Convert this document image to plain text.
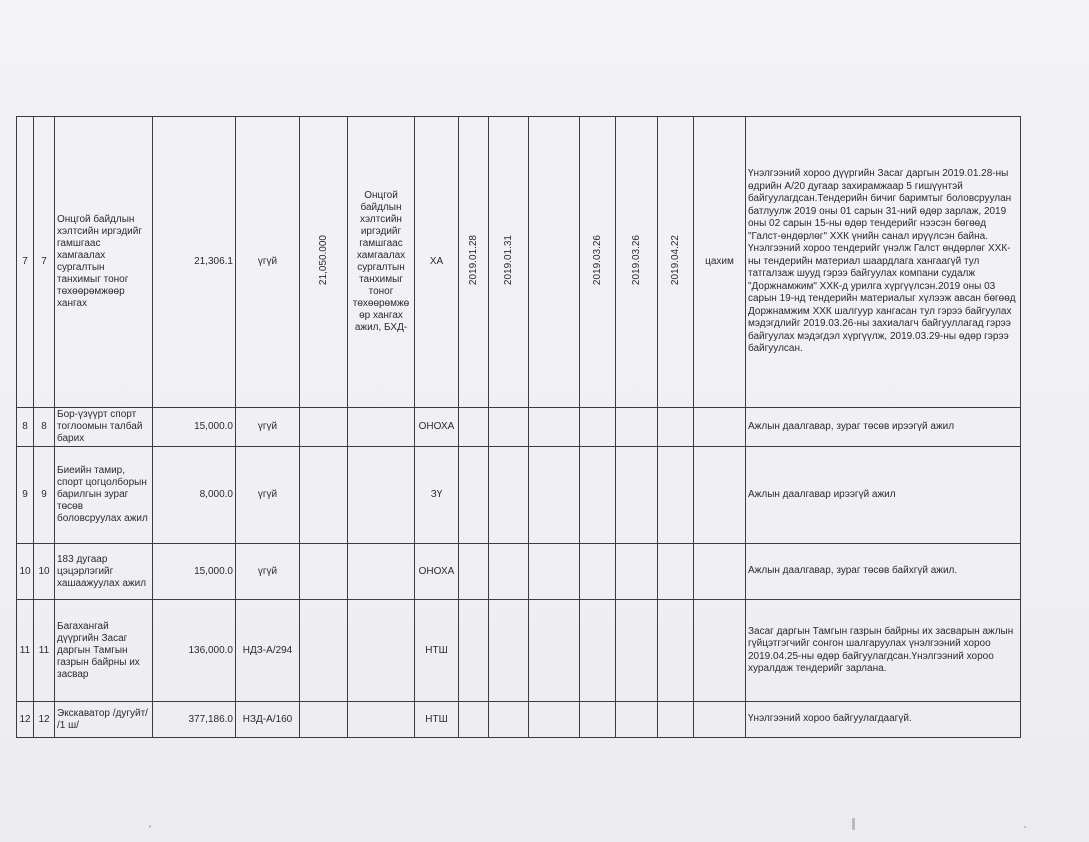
7	7	Онцгой байдлын хэлтсийн иргэдийг гамшгаас хамгаалах сургалтын танхимыг тоног төхөөрөмжөөр хангах	21,306.1	үгүй	21,050.000	Онцгой байдлын хэлтсийн иргэдийг гамшгаас хамгаалах сургалтын танхимыг тоног төхөөрөмжөөр хангах ажил, БХД-	ХА	2019.01.28	2019.01.31		2019.03.26	2019.03.26	2019.04.22	цахим	Үнэлгээний хороо дүүргийн Засаг даргын 2019.01.28-ны өдрийн А/20 дугаар захирамжаар 5 гишүүнтэй байгуулагдсан.Тендерийн бичиг баримтыг боловсруулан батлуулж 2019 оны 01 сарын 31-ний өдөр зарлаж, 2019 оны 02 сарын 15-ны өдөр тендерийг нээсэн бөгөөд "Галст-өндөрлөг" ХХК үнийн санал ирүүлсэн байна. Үнэлгээний хороо тендерийг үнэлж Галст өндөрлөг ХХК-ны тендерийн материал шаардлага хангаагүй тул татгалзаж шууд гэрээ байгуулах компани судалж "Доржнамжим" ХХК-д урилга хүргүүлсэн.2019 оны 03 сарын 19-нд тендерийн материалыг хүлээж авсан бөгөөд Доржнамжим ХХК шалгуур хангасан тул гэрээ байгуулах мэдэгдлийг 2019.03.26-ны захиалагч байгууллагад гэрээ байгуулах мэдэгдэл хүргүүлж, 2019.03.29-ны өдөр гэрээ байгуулсан.
8	8	Бор-үзүүрт спорт тоглоомын талбай барих	15,000.0	үгүй			ОНОХА								Ажлын даалгавар, зураг төсөв ирээгүй ажил
9	9	Биеийн тамир, спорт цогцолборын барилгын зураг төсөв боловсруулах ажил	8,000.0	үгүй			ЗҮ								Ажлын даалгавар ирээгүй ажил
10	10	183 дугаар цэцэрлэгийг хашаажуулах ажил	15,000.0	үгүй			ОНОХА								Ажлын даалгавар, зураг төсөв байхгүй ажил.
11	11	Багахангай дүүргийн Засаг даргын Тамгын газрын байрны их засвар	136,000.0	НДЗ-А/294			НТШ								Засаг даргын Тамгын газрын байрны их засварын ажлын гүйцэтгэгчийг сонгон шалгаруулах үнэлгээний хороо 2019.04.25-ны өдөр байгуулагдсан.Үнэлгээний хороо хуралдаж тендерийг зарлана.
12	12	Экскаватор /дугуйт/ /1 ш/	377,186.0	НЗД-А/160			НТШ								Үнэлгээний хороо байгуулагдаагүй.
